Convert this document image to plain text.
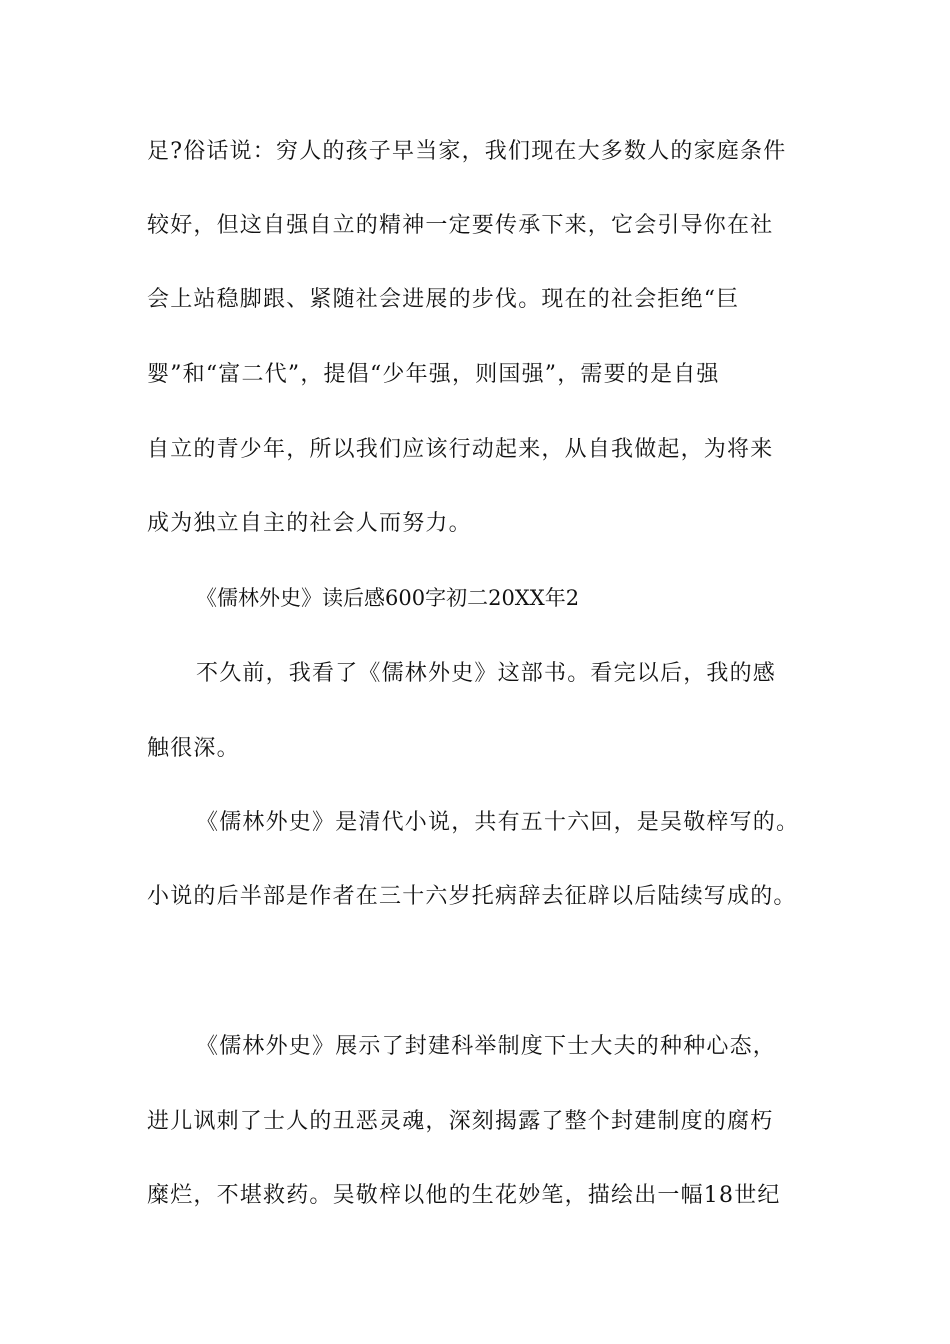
足?俗话说：穷人的孩子早当家，我们现在大多数人的家庭条件
较好，但这自强自立的精神一定要传承下来，它会引导你在社
会上站稳脚跟、紧随社会进展的步伐。现在的社会拒绝“巨
婴”和“富二代”，提倡“少年强，则国强”，需要的是自强
自立的青少年，所以我们应该行动起来，从自我做起，为将来
成为独立自主的社会人而努力。
《儒林外史》读后感600字初二20XX年2
不久前，我看了《儒林外史》这部书。看完以后，我的感
触很深。
《儒林外史》是清代小说，共有五十六回，是吴敬梓写的。
小说的后半部是作者在三十六岁托病辞去征辟以后陆续写成的。
《儒林外史》展示了封建科举制度下士大夫的种种心态，
进儿讽刺了士人的丑恶灵魂，深刻揭露了整个封建制度的腐朽
糜烂，不堪救药。吴敬梓以他的生花妙笔，描绘出一幅18世纪
